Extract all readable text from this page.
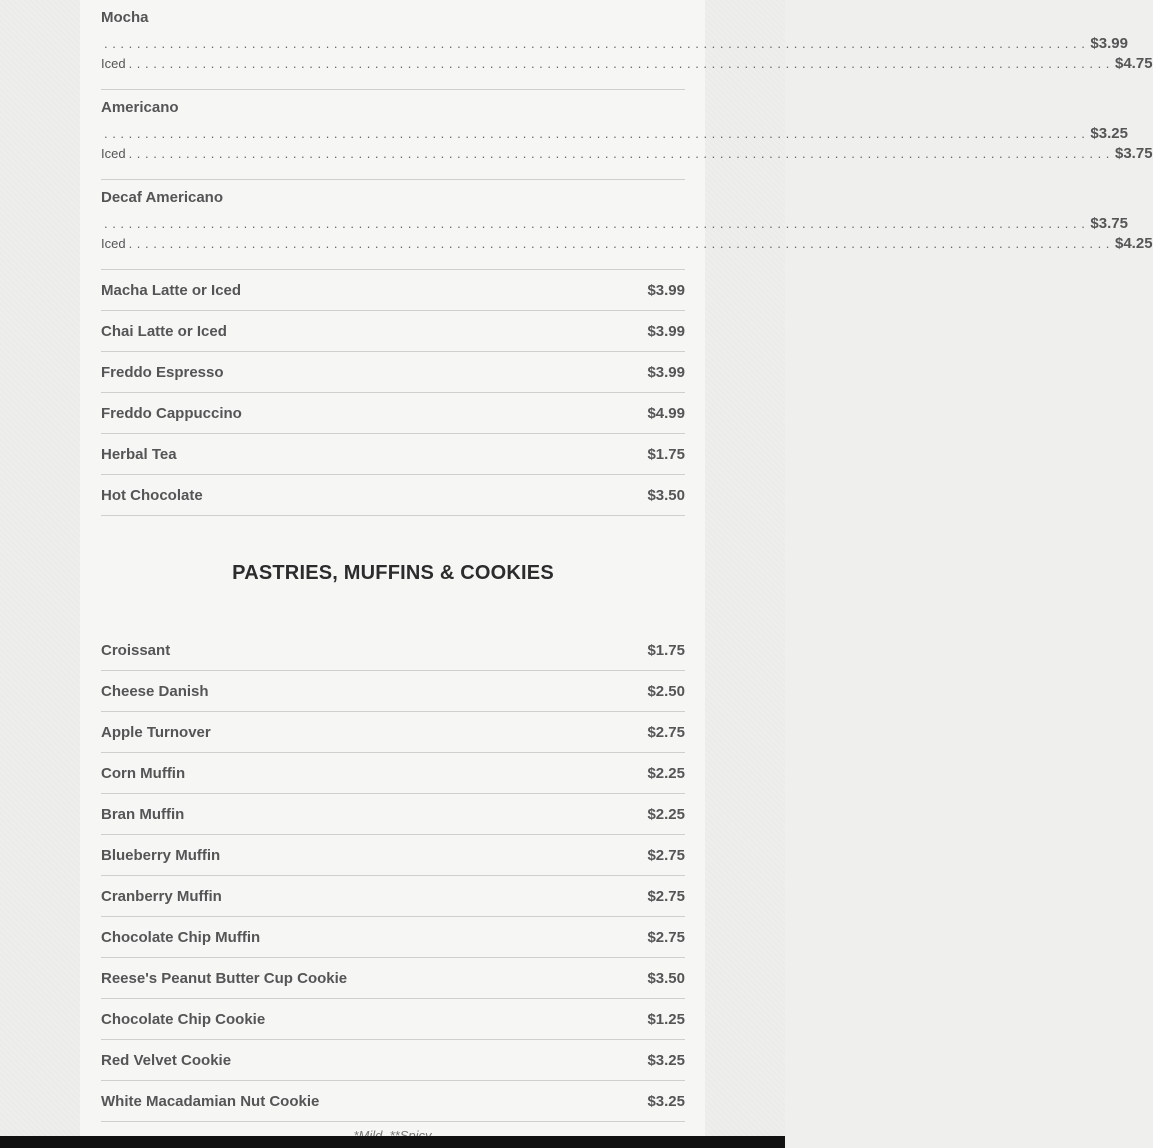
Mocha
........................................................................................................................ $3.99
Iced ........................................................................................................................ $4.75
Americano
........................................................................................................................ $3.25
Iced ........................................................................................................................ $3.75
Decaf Americano
........................................................................................................................ $3.75
Iced ........................................................................................................................ $4.25
Macha Latte or Iced	$3.99
Chai Latte or Iced	$3.99
Freddo Espresso	$3.99
Freddo Cappuccino	$4.99
Herbal Tea	$1.75
Hot Chocolate	$3.50
PASTRIES, MUFFINS & COOKIES
Croissant	$1.75
Cheese Danish	$2.50
Apple Turnover	$2.75
Corn Muffin	$2.25
Bran Muffin	$2.25
Blueberry Muffin	$2.75
Cranberry Muffin	$2.75
Chocolate Chip Muffin	$2.75
Reese's Peanut Butter Cup Cookie	$3.50
Chocolate Chip Cookie	$1.25
Red Velvet Cookie	$3.25
White Macadamian Nut Cookie	$3.25
